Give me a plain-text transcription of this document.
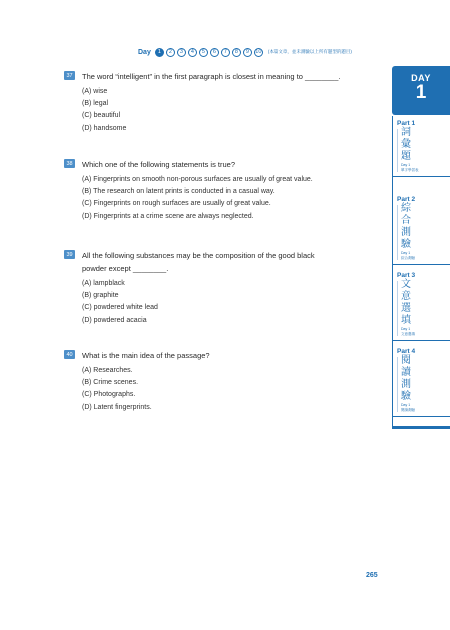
Day	1	2	3	4	5	6	7	8	9	10	(本篇文章，並未測驗以上所有題型的題目)
37	The word “intelligent” in the first paragraph is closest in meaning to ________.
(A) wise
(B) legal
(C) beautiful
(D) handsome
38	Which one of the following statements is true?
(A) Fingerprints on smooth non-porous surfaces are usually of great value.
(B) The research on latent prints is conducted in a casual way.
(C) Fingerprints on rough surfaces are usually of great value.
(D) Fingerprints at a crime scene are always neglected.
39	All the following substances may be the composition of the good black
powder except ________.
(A) lampblack
(B) graphite
(C) powdered white lead
(D) powdered acacia
40	What is the main idea of the passage?
(A) Researches.
(B) Crime scenes.
(C) Photographs.
(D) Latent fingerprints.
DAY
1
Part 1
詞
彙
題
Day 1
單字學習表
Part 2
綜
合
測
驗
Day 1
綜合測驗
Part 3
文
意
選
填
Day 1
文意選填
Part 4
閱
讀
測
驗
Day 1
閱讀測驗
265
